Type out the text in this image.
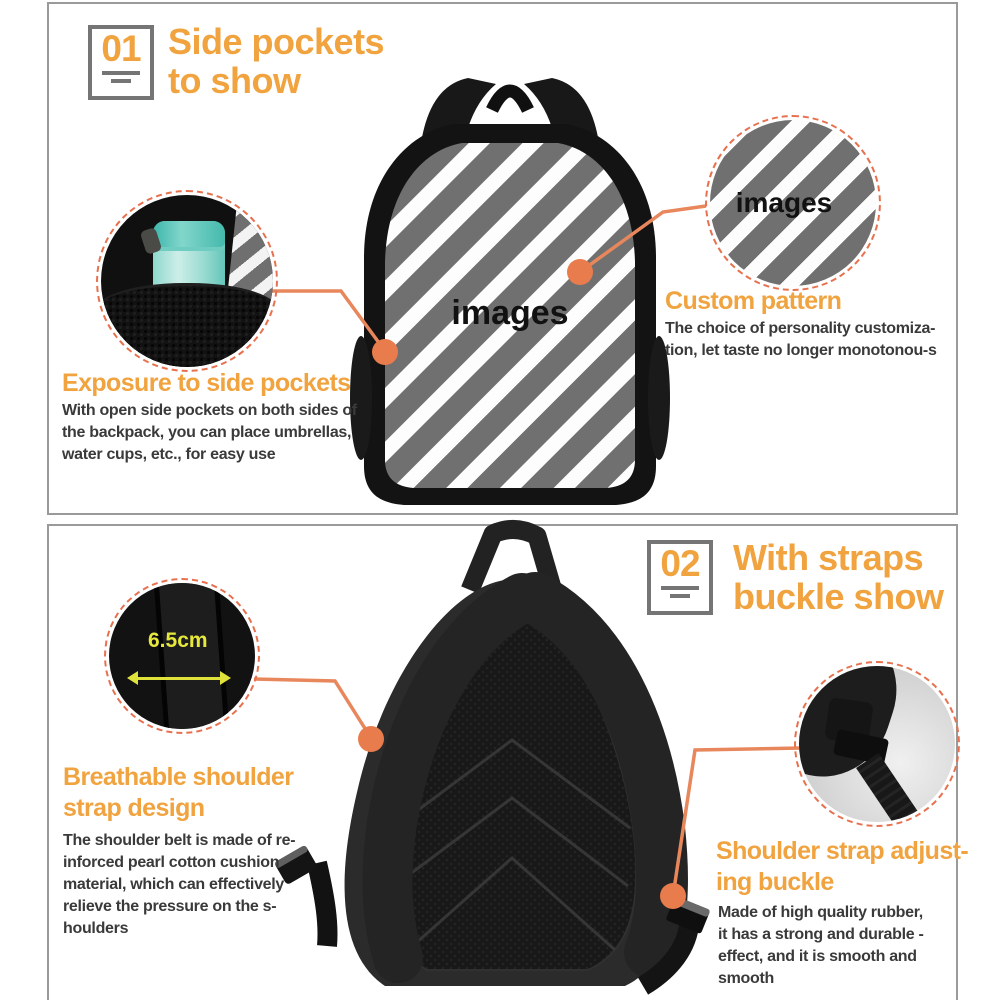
01 Side pockets
to show
images
images
6.5cm
Exposure to side pockets
With open side pockets on both sides of
the backpack, you can place umbrellas,
water cups, etc., for easy use
Custom pattern
The choice of personality customiza-
tion, let taste no longer monotonou-s
02 With straps
buckle show
Breathable shoulder
strap design
The shoulder belt is made of re-
inforced pearl cotton cushion
material, which can effectively
relieve the pressure on the s-
houlders
Shoulder strap adjust-
ing buckle
Made of high quality rubber,
it has a strong and durable -
effect, and it is smooth and
smooth
